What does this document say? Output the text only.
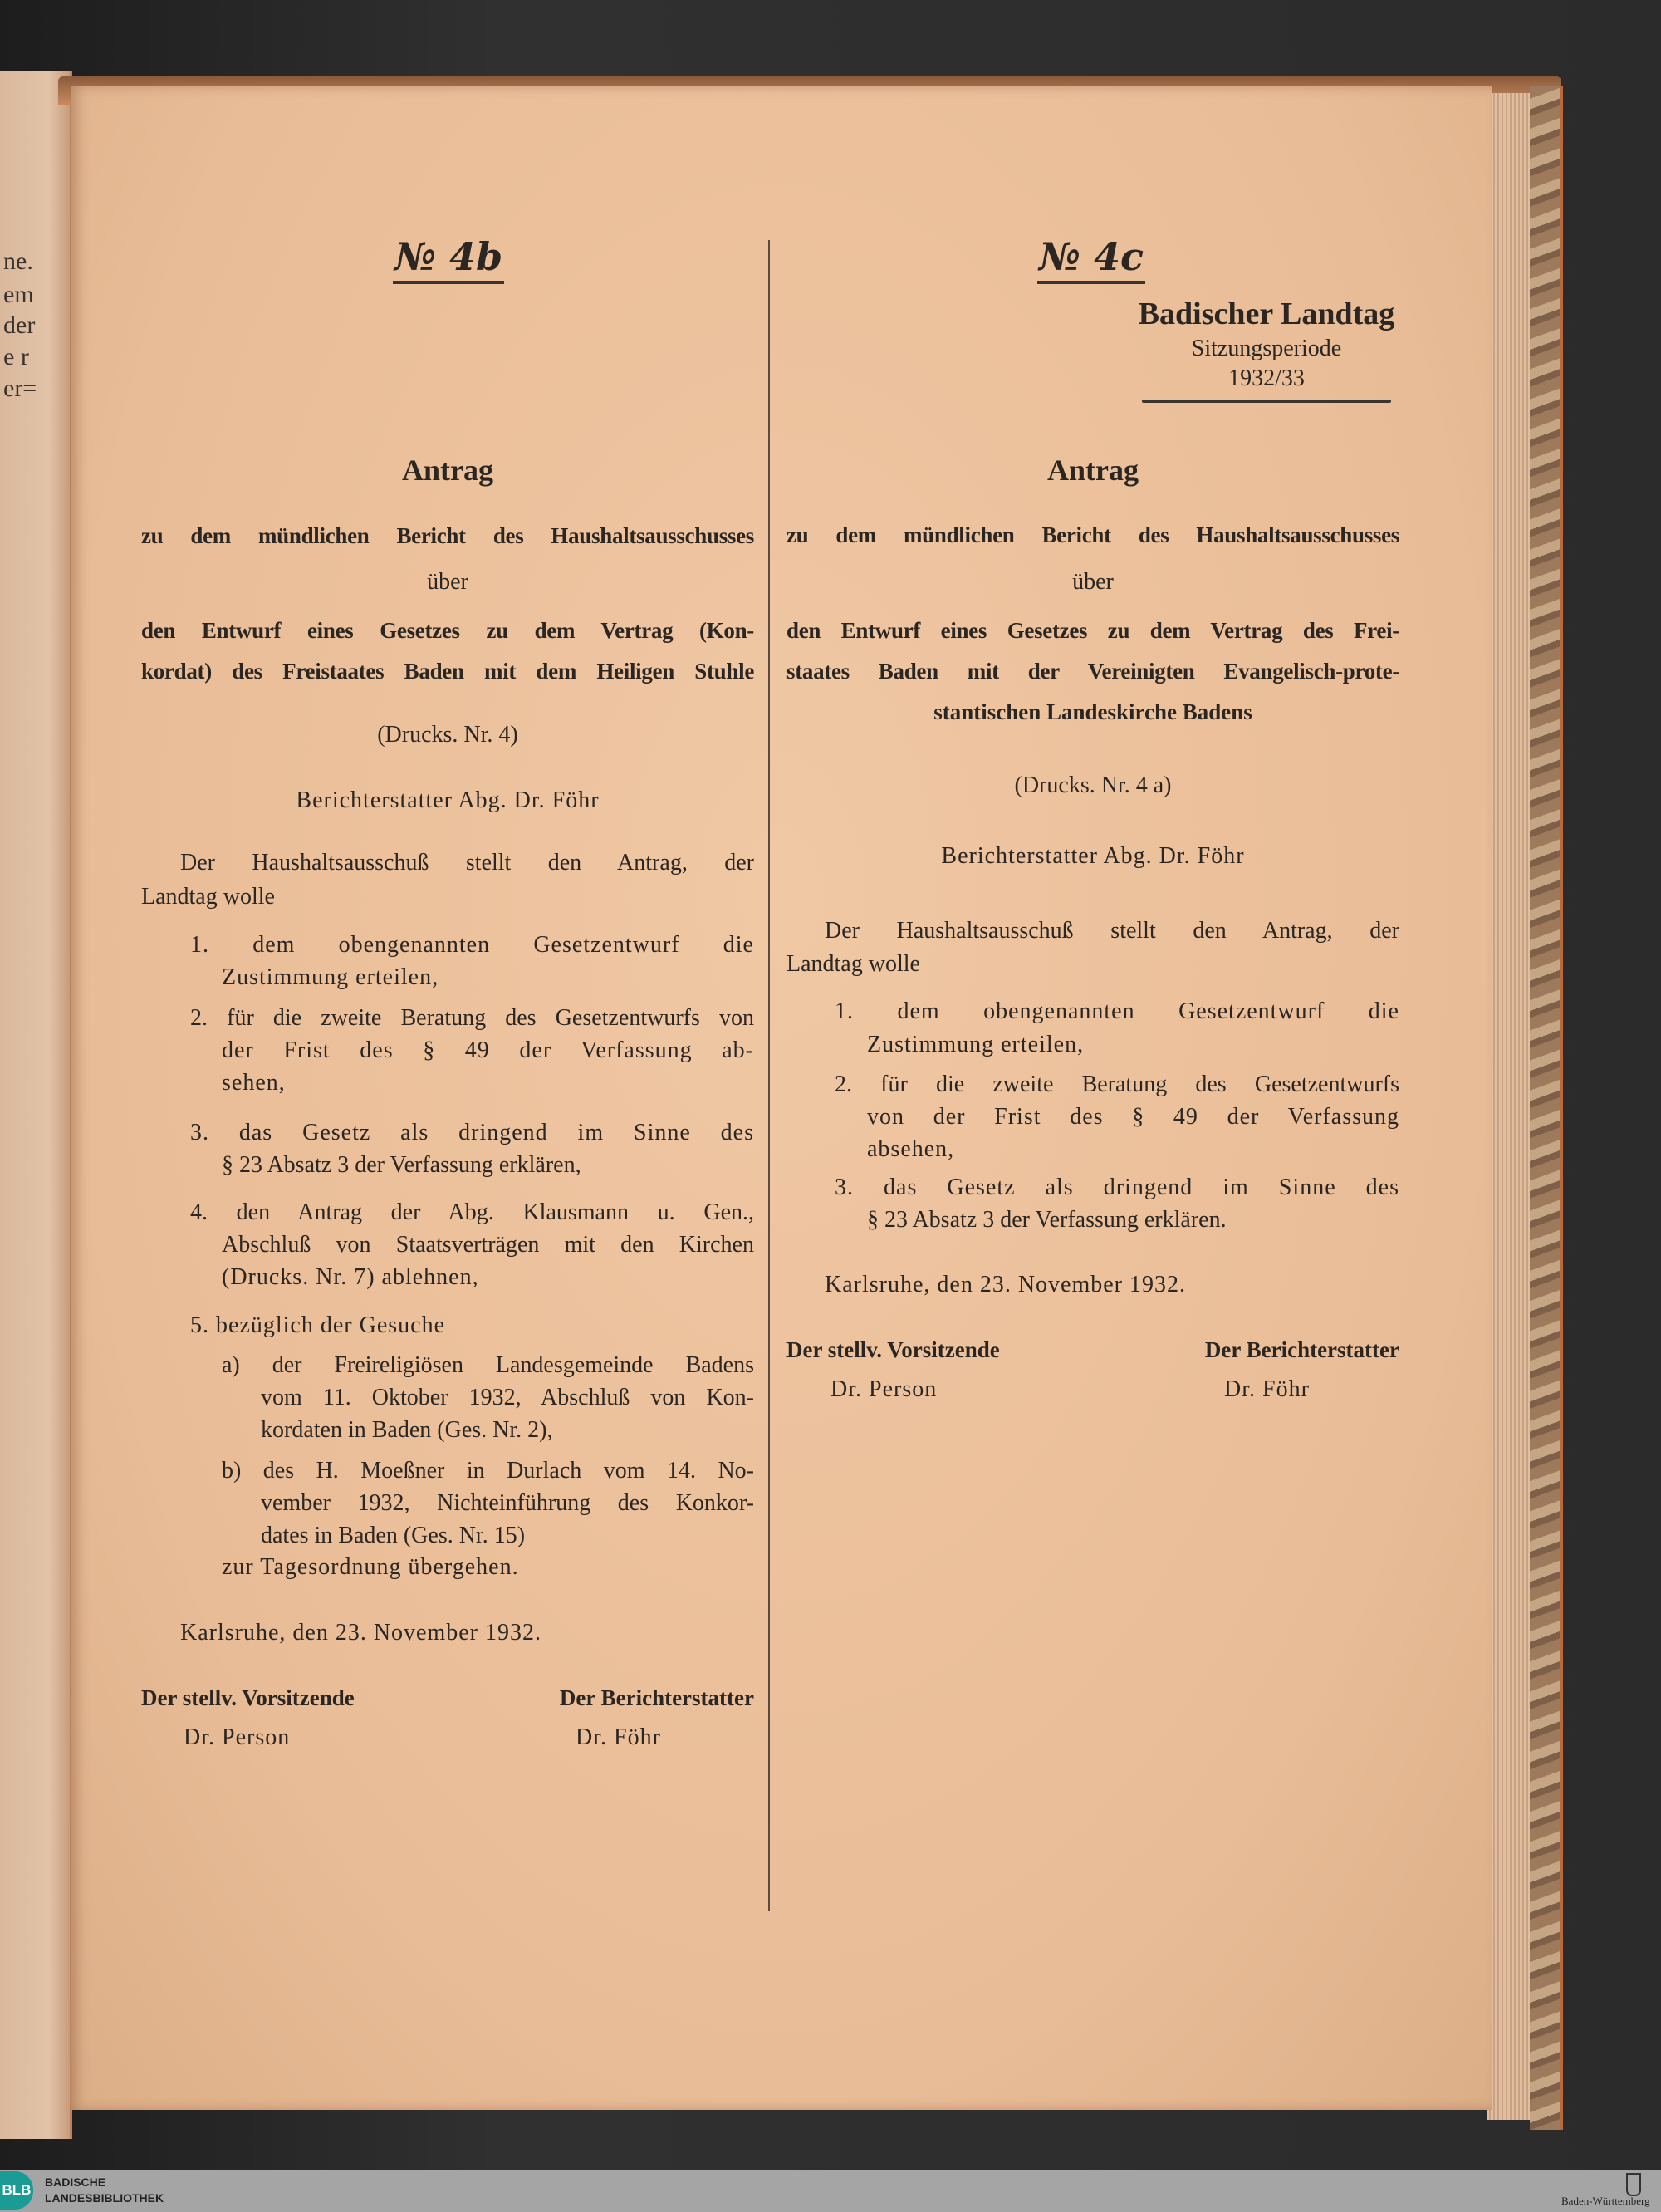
ne.
em
der
e r
er=
№ 4b
Antrag
zu dem mündlichen Bericht des Haushaltsausschusses
über
den Entwurf eines Gesetzes zu dem Vertrag (Kon-
kordat) des Freistaates Baden mit dem Heiligen Stuhle
(Drucks. Nr. 4)
Berichterstatter Abg. Dr. Föhr
Der Haushaltsausschuß stellt den Antrag, der
Landtag wolle
1. dem obengenannten Gesetzentwurf die
Zustimmung erteilen,
2. für die zweite Beratung des Gesetzentwurfs von
der Frist des § 49 der Verfassung ab-
sehen,
3. das Gesetz als dringend im Sinne des
§ 23 Absatz 3 der Verfassung erklären,
4. den Antrag der Abg. Klausmann u. Gen.,
Abschluß von Staatsverträgen mit den Kirchen
(Drucks. Nr. 7) ablehnen,
5. bezüglich der Gesuche
a) der Freireligiösen Landesgemeinde Badens
vom 11. Oktober 1932, Abschluß von Kon-
kordaten in Baden (Ges. Nr. 2),
b) des H. Moeßner in Durlach vom 14. No-
vember 1932, Nichteinführung des Konkor-
dates in Baden (Ges. Nr. 15)
zur Tagesordnung übergehen.
Karlsruhe, den 23. November 1932.
Der stellv. Vorsitzende	Der Berichterstatter
Dr. Person	Dr. Föhr
№ 4c
Badischer Landtag
Sitzungsperiode
1932/33
Antrag
zu dem mündlichen Bericht des Haushaltsausschusses
über
den Entwurf eines Gesetzes zu dem Vertrag des Frei-
staates Baden mit der Vereinigten Evangelisch-prote-
stantischen Landeskirche Badens
(Drucks. Nr. 4 a)
Berichterstatter Abg. Dr. Föhr
Der Haushaltsausschuß stellt den Antrag, der
Landtag wolle
1. dem obengenannten Gesetzentwurf die
Zustimmung erteilen,
2. für die zweite Beratung des Gesetzentwurfs
von der Frist des § 49 der Verfassung
absehen,
3. das Gesetz als dringend im Sinne des
§ 23 Absatz 3 der Verfassung erklären.
Karlsruhe, den 23. November 1932.
Der stellv. Vorsitzende	Der Berichterstatter
Dr. Person	Dr. Föhr
BLB BADISCHE
LANDESBIBLIOTHEK	Baden-Württemberg
